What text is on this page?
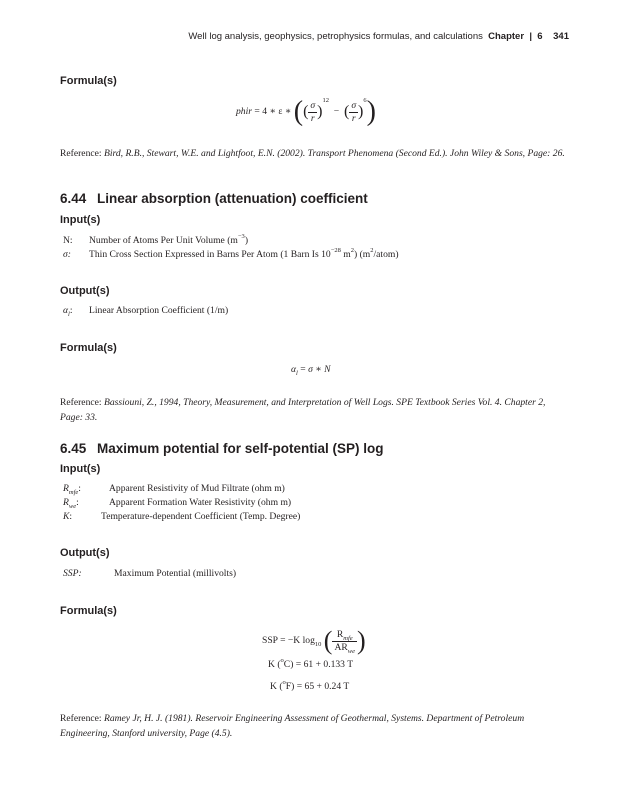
Well log analysis, geophysics, petrophysics formulas, and calculations Chapter | 6 341
Formula(s)
phir = 4 ∗ ε ∗ (( $\frac{\sigma}{r} )^{12}$  − ( $\frac{\sigma}{r} )^6$)
Reference: Bird, R.B., Stewart, W.E. and Lightfoot, E.N. (2002). Transport Phenomena (Second Ed.). John Wiley & Sons, Page: 26.
6.44 Linear absorption (attenuation) coefficient
Input(s)
N: Number of Atoms Per Unit Volume $(m^{-3})$
σ: Thin Cross Section Expressed in Barns Per Atom (1 Barn Is $10^{-28}$ $m^2$) $(m^2/atom)$
Output(s)
$\alpha_l$: Linear Absorption Coefficient (1/m)
Formula(s)
$\alpha_l = \sigma$ ∗ N
Reference: Bassiouni, Z., 1994, Theory, Measurement, and Interpretation of Well Logs. SPE Textbook Series Vol. 4. Chapter 2, Page: 33.
6.45 Maximum potential for self-potential (SP) log
Input(s)
$R_{mfe}$:	Apparent Resistivity of Mud Filtrate (ohm m)
$R_{we}$:	Apparent Formation Water Resistivity (ohm m)
K:	Temperature-dependent Coefficient (Temp. Degree)
Output(s)
SSP:	Maximum Potential (millivolts)
Formula(s)
SSP = −K $\log_{10}$ ( $\frac{R_{mfe}}{AR_{we}}$ )
K ($^o$C) = 61 + 0.133 T
K ($^o$F) = 65 + 0.24 T
Reference: Ramey Jr, H. J. (1981). Reservoir Engineering Assessment of Geothermal, Systems. Department of Petroleum Engineering, Stanford university, Page (4.5).
